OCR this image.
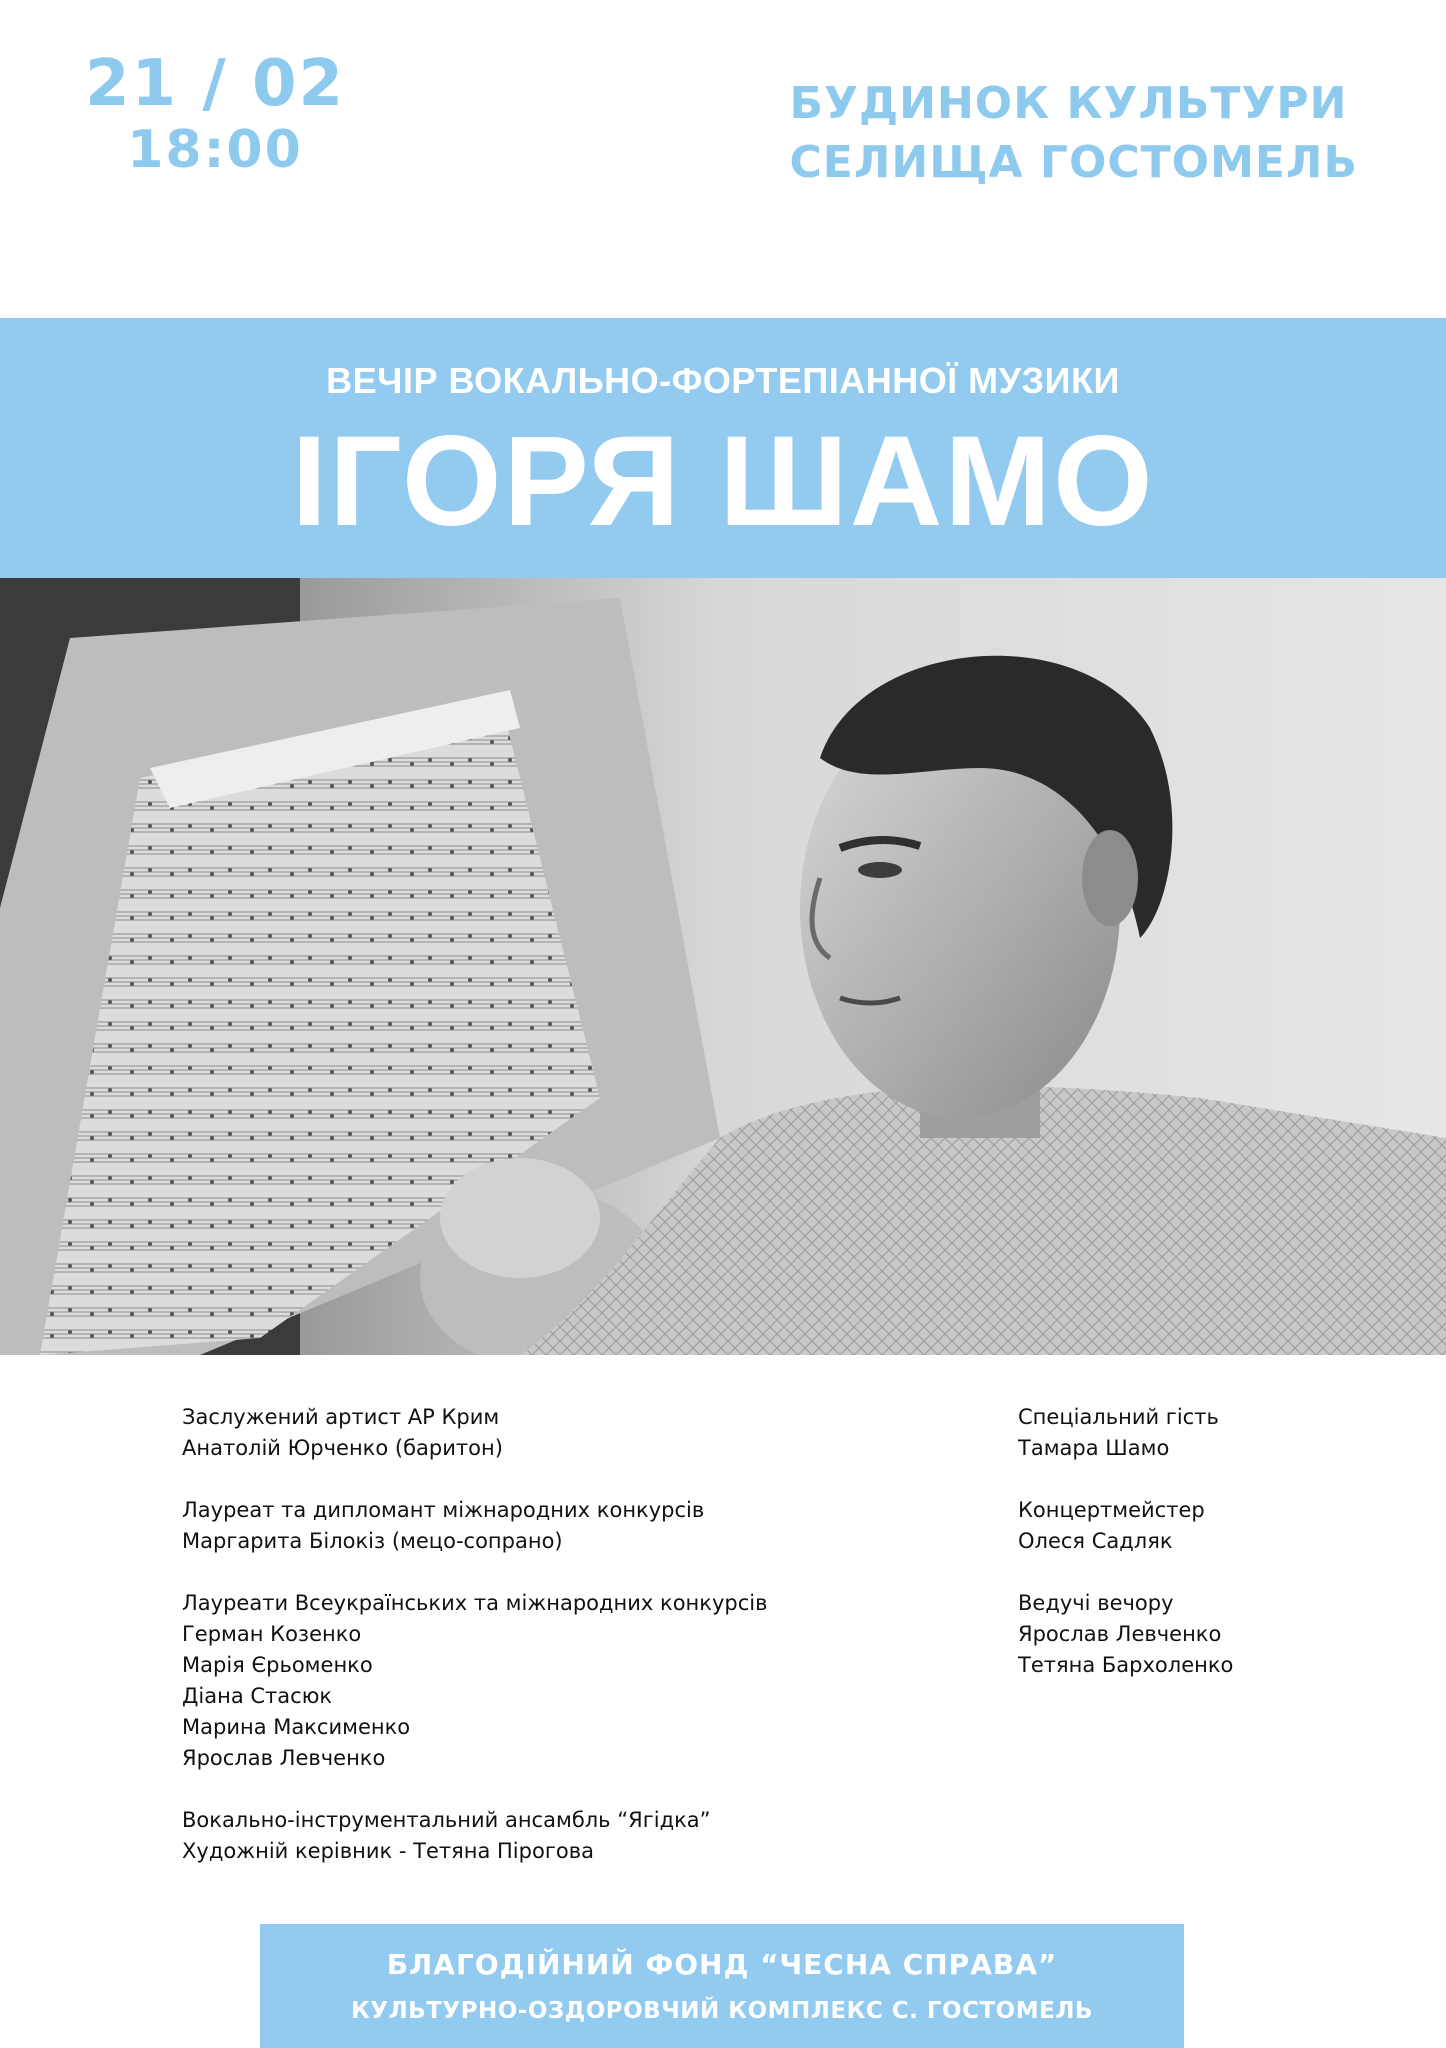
21 / 02
18:00
БУДИНОК КУЛЬТУРИ
СЕЛИЩА ГОСТОМЕЛЬ
ВЕЧІР ВОКАЛЬНО-ФОРТЕПІАННОЇ МУЗИКИ
ІГОРЯ ШАМО
Заслужений артист АР Крим
Анатолій Юрченко (баритон)
Лауреат та дипломант міжнародних конкурсів
Маргарита Білокіз (мецо-сопрано)
Лауреати Всеукраїнських та міжнародних конкурсів
Герман Козенко
Марія Єрьоменко
Діана Стасюк
Марина Максименко
Ярослав Левченко
Вокально-інструментальний ансамбль “Ягідка”
Художній керівник - Тетяна Пірогова
Спеціальний гість
Тамара Шамо
Концертмейстер
Олеся Садляк
Ведучі вечору
Ярослав Левченко
Тетяна Бархоленко
БЛАГОДІЙНИЙ ФОНД “ЧЕСНА СПРАВА”
КУЛЬТУРНО-ОЗДОРОВЧИЙ КОМПЛЕКС С. ГОСТОМЕЛЬ
